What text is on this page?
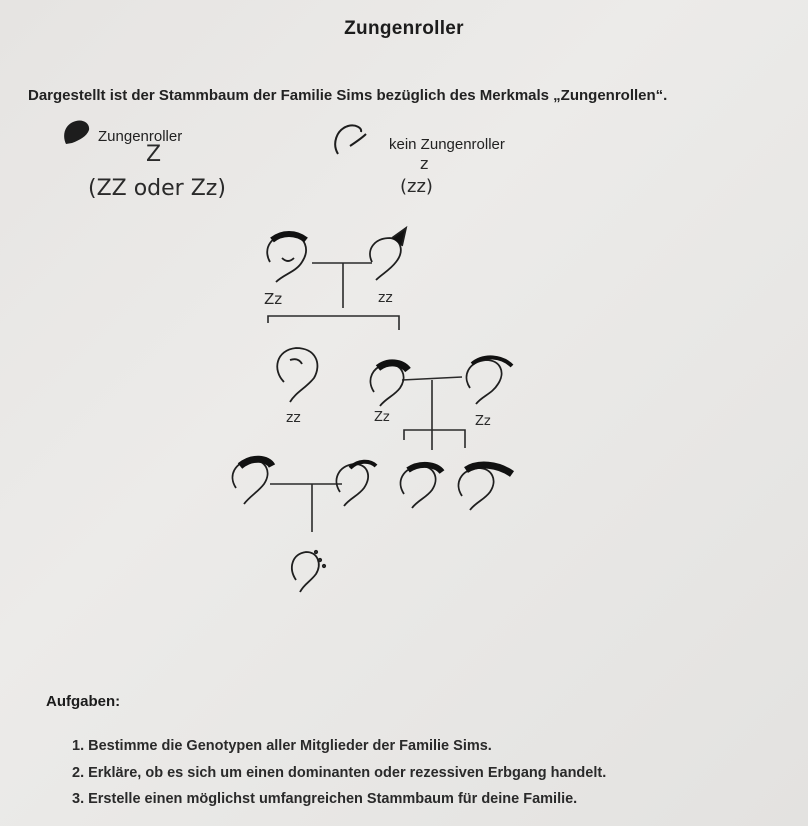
Zungenroller
Dargestellt ist der Stammbaum der Familie Sims bezüglich des Merkmals „Zungenrollen“.
Zungenroller
Z
(ZZ oder Zz)
kein Zungenroller
z
(zz)
Zz	zz
zz	Zz	Zz
Aufgaben:
1. Bestimme die Genotypen aller Mitglieder der Familie Sims.
2. Erkläre, ob es sich um einen dominanten oder rezessiven Erbgang handelt.
3. Erstelle einen möglichst umfangreichen Stammbaum für deine Familie.
